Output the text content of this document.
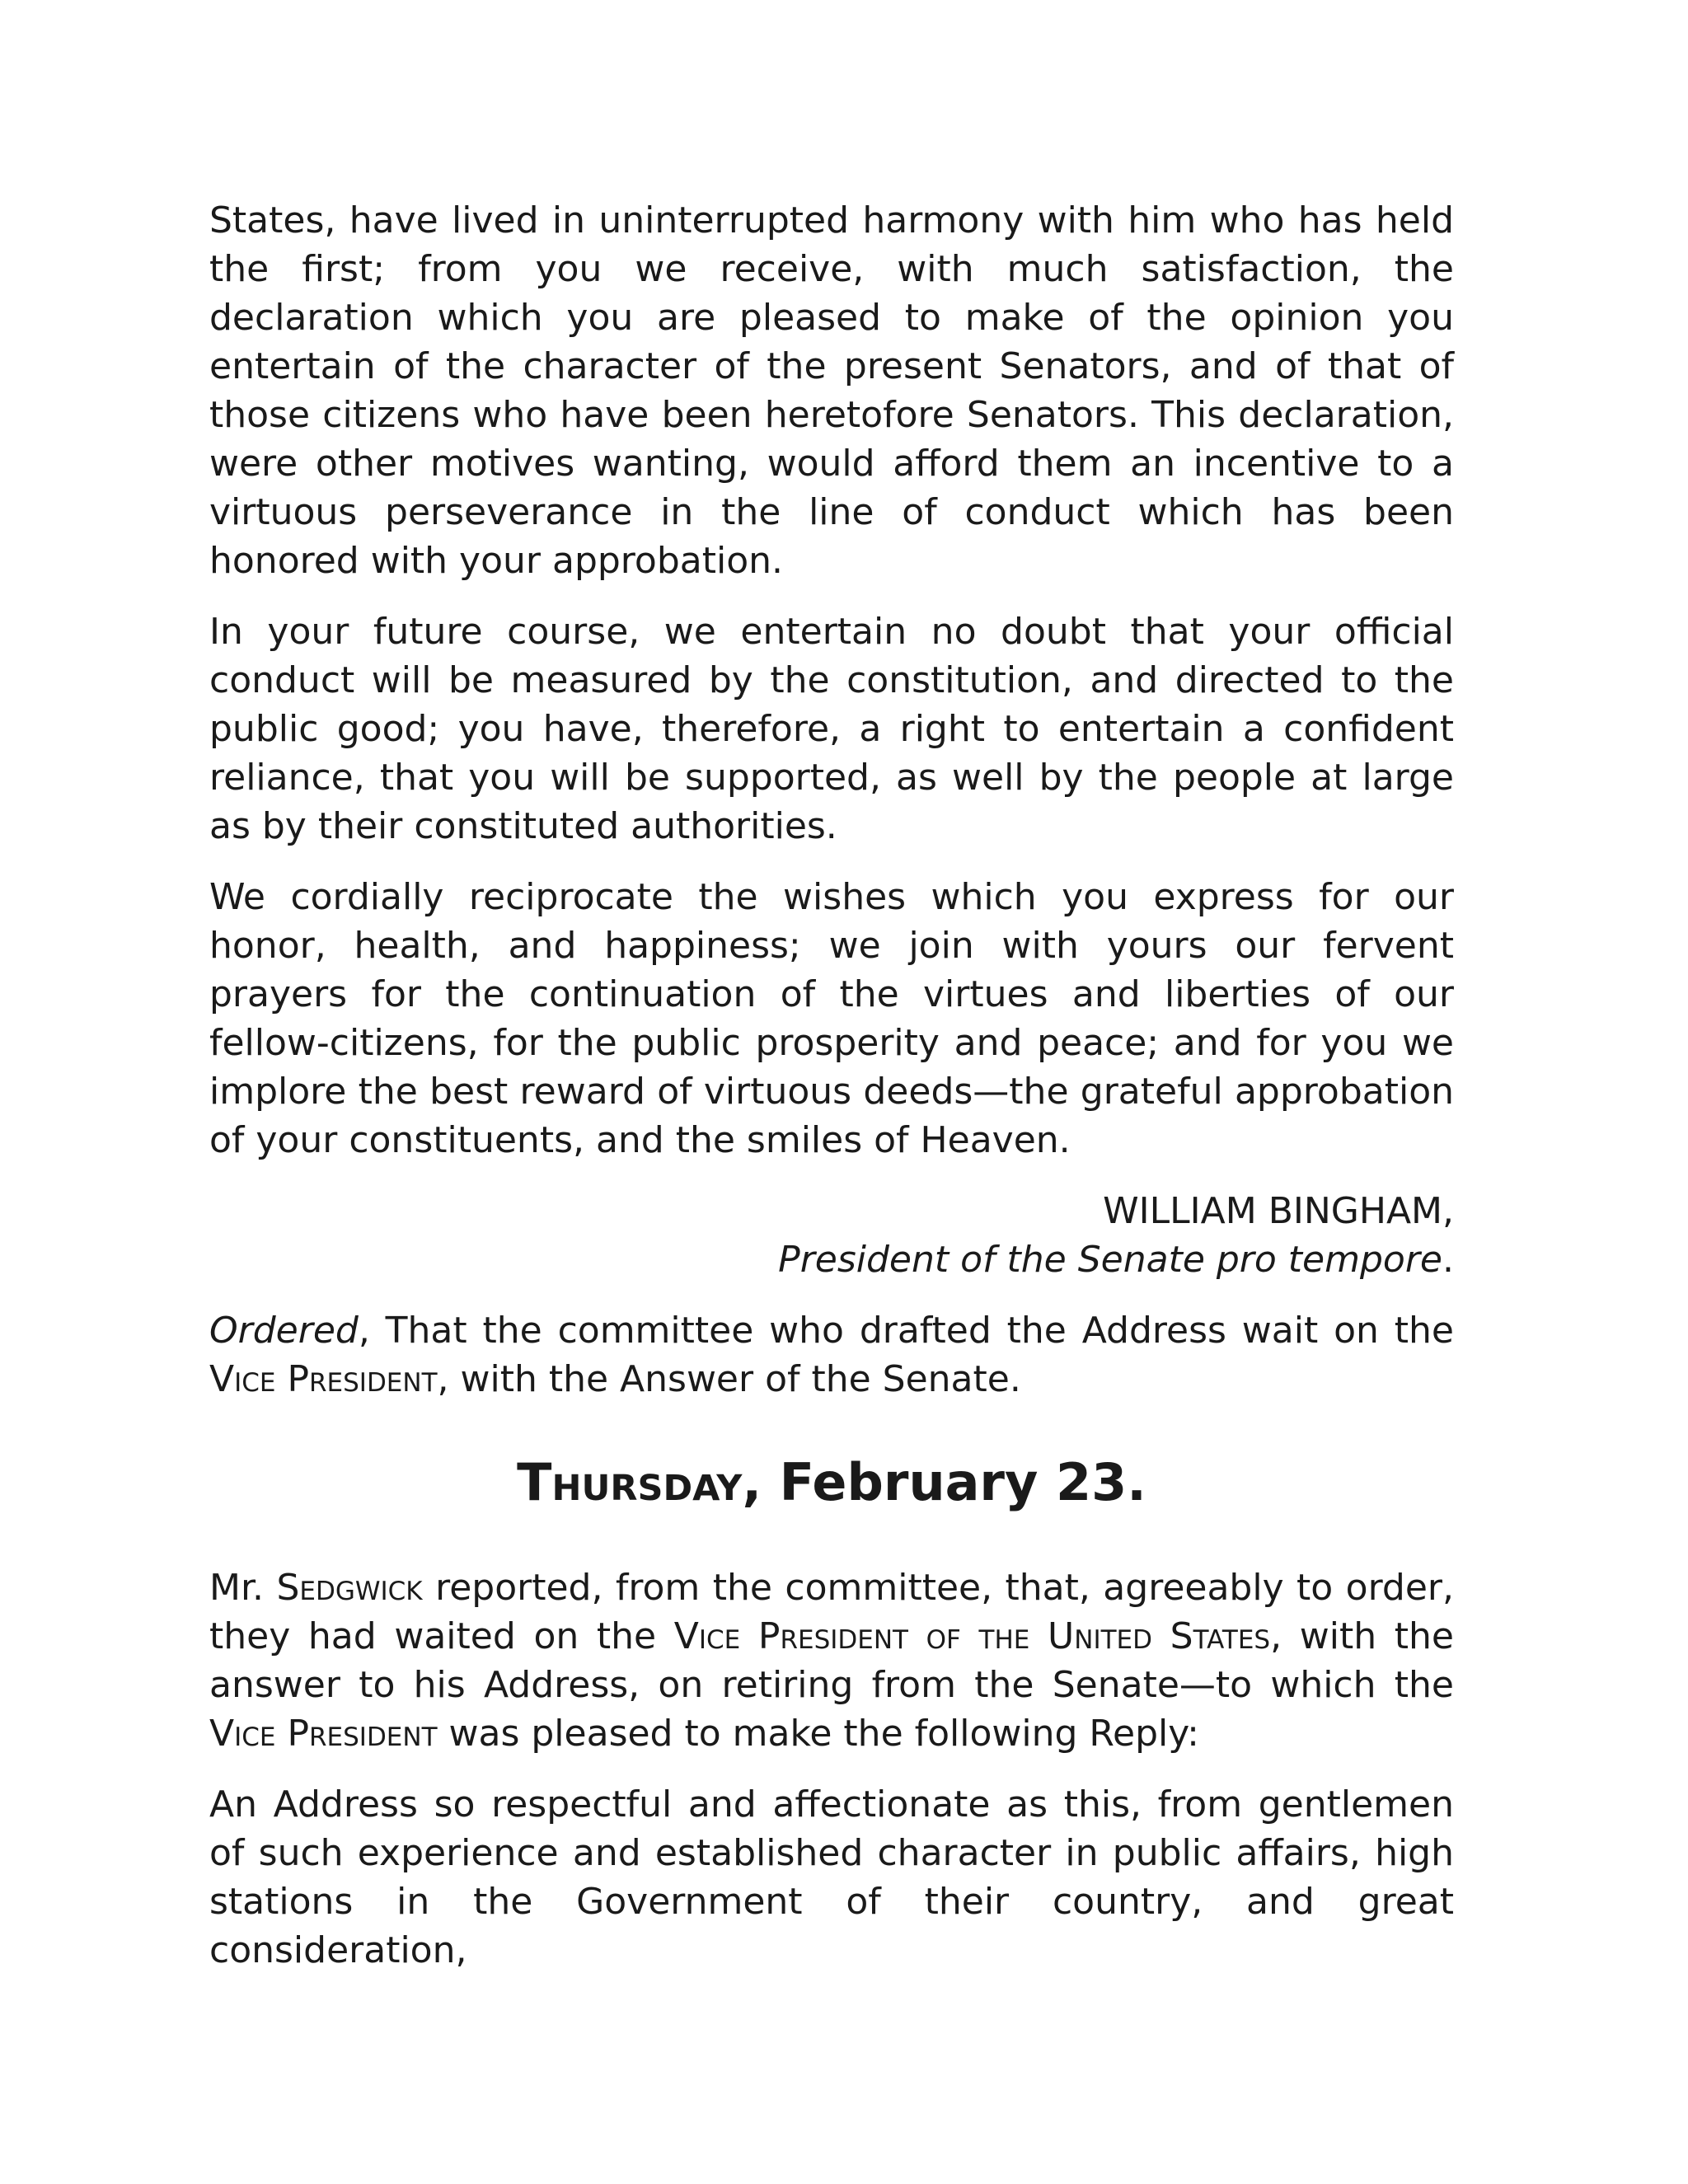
States, have lived in uninterrupted harmony with him who has held the first; from you we receive, with much satisfaction, the declaration which you are pleased to make of the opinion you entertain of the character of the present Senators, and of that of those citizens who have been heretofore Senators. This declaration, were other motives wanting, would afford them an incentive to a virtuous perseverance in the line of conduct which has been honored with your approbation.

In your future course, we entertain no doubt that your official conduct will be measured by the constitution, and directed to the public good; you have, therefore, a right to entertain a confident reliance, that you will be supported, as well by the people at large as by their constituted authorities.

We cordially reciprocate the wishes which you express for our honor, health, and happiness; we join with yours our fervent prayers for the continuation of the virtues and liberties of our fellow-citizens, for the public prosperity and peace; and for you we implore the best reward of virtuous deeds—the grateful approbation of your constituents, and the smiles of Heaven.

WILLIAM BINGHAM,
President of the Senate pro tempore.

Ordered, That the committee who drafted the Address wait on the Vice President, with the Answer of the Senate.

Thursday, February 23.

Mr. Sedgwick reported, from the committee, that, agreeably to order, they had waited on the Vice President of the United States, with the answer to his Address, on retiring from the Senate—to which the Vice President was pleased to make the following Reply:

An Address so respectful and affectionate as this, from gentlemen of such experience and established character in public affairs, high stations in the Government of their country, and great consideration,
